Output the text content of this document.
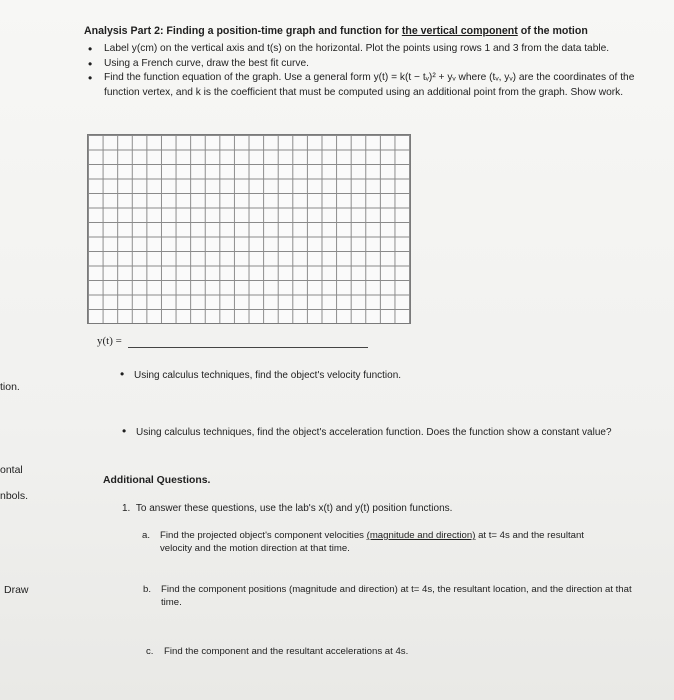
Analysis Part 2: Finding a position-time graph and function for the vertical component of the motion
• Label y(cm) on the vertical axis and t(s) on the horizontal. Plot the points using rows 1 and 3 from the data table.
• Using a French curve, draw the best fit curve.
• Find the function equation of the graph. Use a general form y(t) = k(t − tᵥ)² + yᵥ where (tᵥ, yᵥ) are the coordinates of the function vertex, and k is the coefficient that must be computed using an additional point from the graph. Show work.
y(t) =
• Using calculus techniques, find the object's velocity function.
• Using calculus techniques, find the object's acceleration function. Does the function show a constant value?
tion.
ontal
nbols.
Draw
Additional Questions.
1. To answer these questions, use the lab's x(t) and y(t) position functions.
a.	Find the projected object's component velocities (magnitude and direction) at t= 4s and the resultant velocity and the motion direction at that time.
b.	Find the component positions (magnitude and direction) at t= 4s, the resultant location, and the direction at that time.
c.	Find the component and the resultant accelerations at 4s.
